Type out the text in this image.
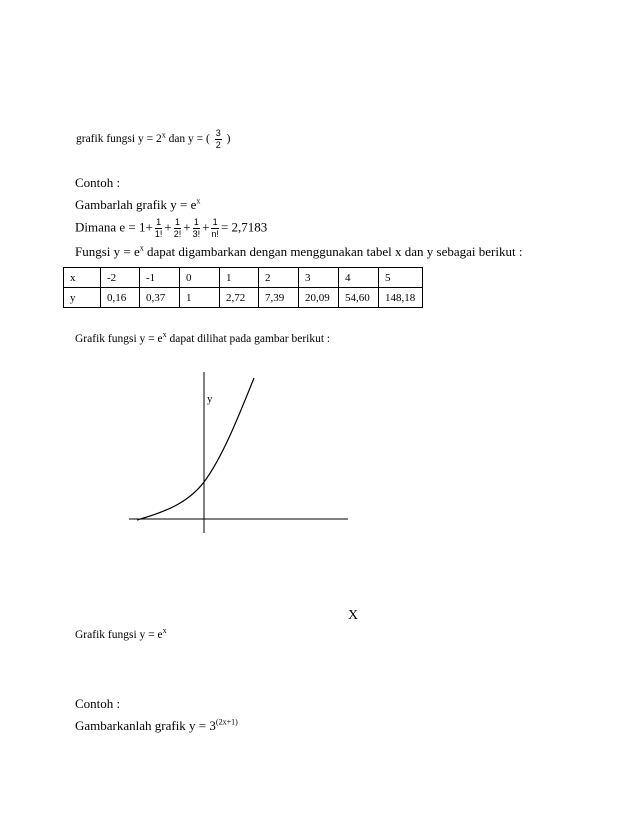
grafik fungsi $y = 2^x$ dan y = ( $\frac{3}{2}$ )
Contoh :
Gambarlah grafik $y = e^x$
Dimana $e = 1+ \frac{1}{1!} + \frac{1}{2!} + \frac{1}{3!} + \frac{1}{n!} = 2,7183$
Fungsi $y = e^x$ dapat digambarkan dengan menggunakan tabel x dan y sebagai berikut :
x	-2	-1	0	1	2	3	4	5
y	0,16	0,37	1	2,72	7,39	20,09	54,60	148,18
Grafik fungsi $y = e^x$ dapat dilihat pada gambar berikut :
y
X
Grafik fungsi $y = e^x$
Contoh :
Gambarkanlah grafik $y = 3^{(2x+1)}$
